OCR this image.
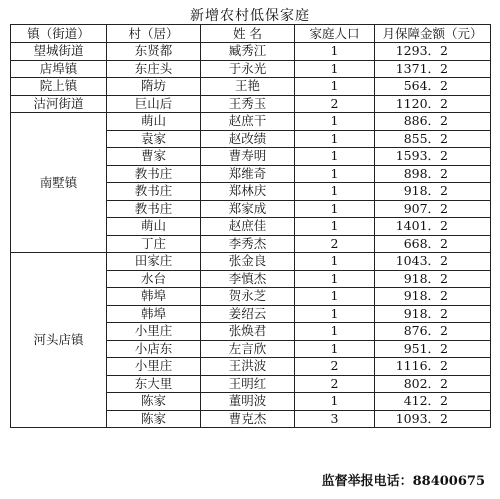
新增农村低保家庭
镇（街道）	村（居）	姓 名	家庭人口	月保障金额（元）
望城街道	东贤都	臧秀江	1	1293．2
店埠镇	东庄头	于永光	1	1371．2
院上镇	隋坊	王艳	1	564．2
沽河街道	巨山后	王秀玉	2	1120．2
南墅镇	萌山	赵庶干	1	886．2
	袁家	赵改绩	1	855．2
	曹家	曹寿明	1	1593．2
	教书庄	郑维奇	1	898．2
	教书庄	郑林庆	1	918．2
	教书庄	郑家成	1	907．2
	萌山	赵庶佳	1	1401．2
	丁庄	李秀杰	2	668．2
河头店镇	田家庄	张金良	1	1043．2
	水台	李慎杰	1	918．2
	韩埠	贺永芝	1	918．2
	韩埠	姜绍云	1	918．2
	小里庄	张焕君	1	876．2
	小店东	左言欣	1	951．2
	小里庄	王洪波	2	1116．2
	东大里	王明红	2	802．2
	陈家	董明波	1	412．2
	陈家	曹克杰	3	1093．2
监督举报电话：88400675
